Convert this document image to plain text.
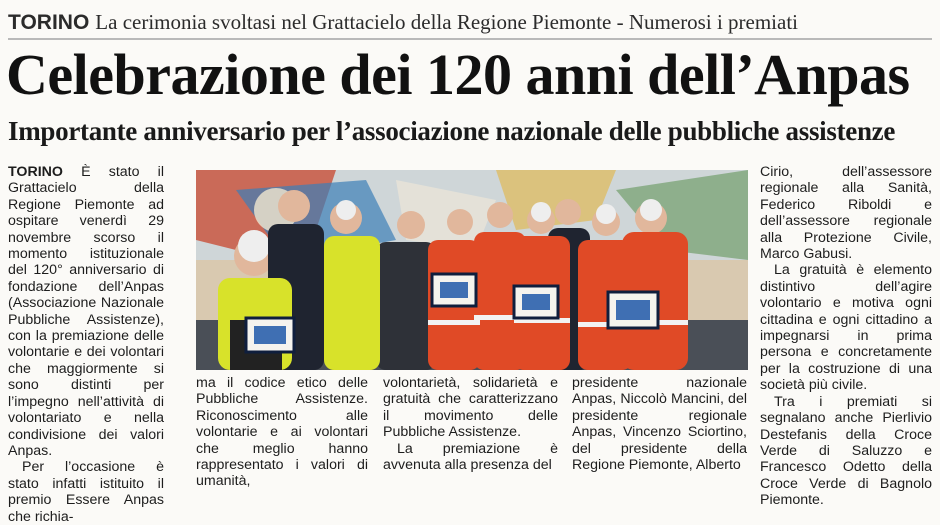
TORINO La cerimonia svoltasi nel Grattacielo della Regione Piemonte - Numerosi i premiati
Celebrazione dei 120 anni dell’Anpas
Importante anniversario per l’associazione nazionale delle pubbliche assistenze

TORINO È stato il Grattacielo della Regione Piemonte ad ospitare venerdì 29 novembre scorso il momento istituzionale del 120° anniversario di fondazione dell’Anpas (Associazione Nazionale Pubbliche Assistenze), con la premiazione delle volontarie e dei volontari che maggiormente si sono distinti per l’impegno nell’attività di volontariato e nella condivisione dei valori Anpas.

Per l’occasione è stato infatti istituito il premio Essere Anpas che richia-

ma il codice etico delle Pubbliche Assistenze. Riconoscimento alle volontarie e ai volontari che meglio hanno rappresentato i valori di umanità,

volontarietà, solidarietà e gratuità che caratterizzano il movimento delle Pubbliche Assistenze.

La premiazione è avvenuta alla presenza del

presidente nazionale Anpas, Niccolò Mancini, del presidente regionale Anpas, Vincenzo Sciortino, del presidente della Regione Piemonte, Alberto

Cirio, dell’assessore regionale alla Sanità, Federico Riboldi e dell’assessore regionale alla Protezione Civile, Marco Gabusi.

La gratuità è elemento distintivo dell’agire volontario e motiva ogni cittadina e ogni cittadino a impegnarsi in prima persona e concretamente per la costruzione di una società più civile.

Tra i premiati si segnalano anche Pierlivio Destefanis della Croce Verde di Saluzzo e Francesco Odetto della Croce Verde di Bagnolo Piemonte.
